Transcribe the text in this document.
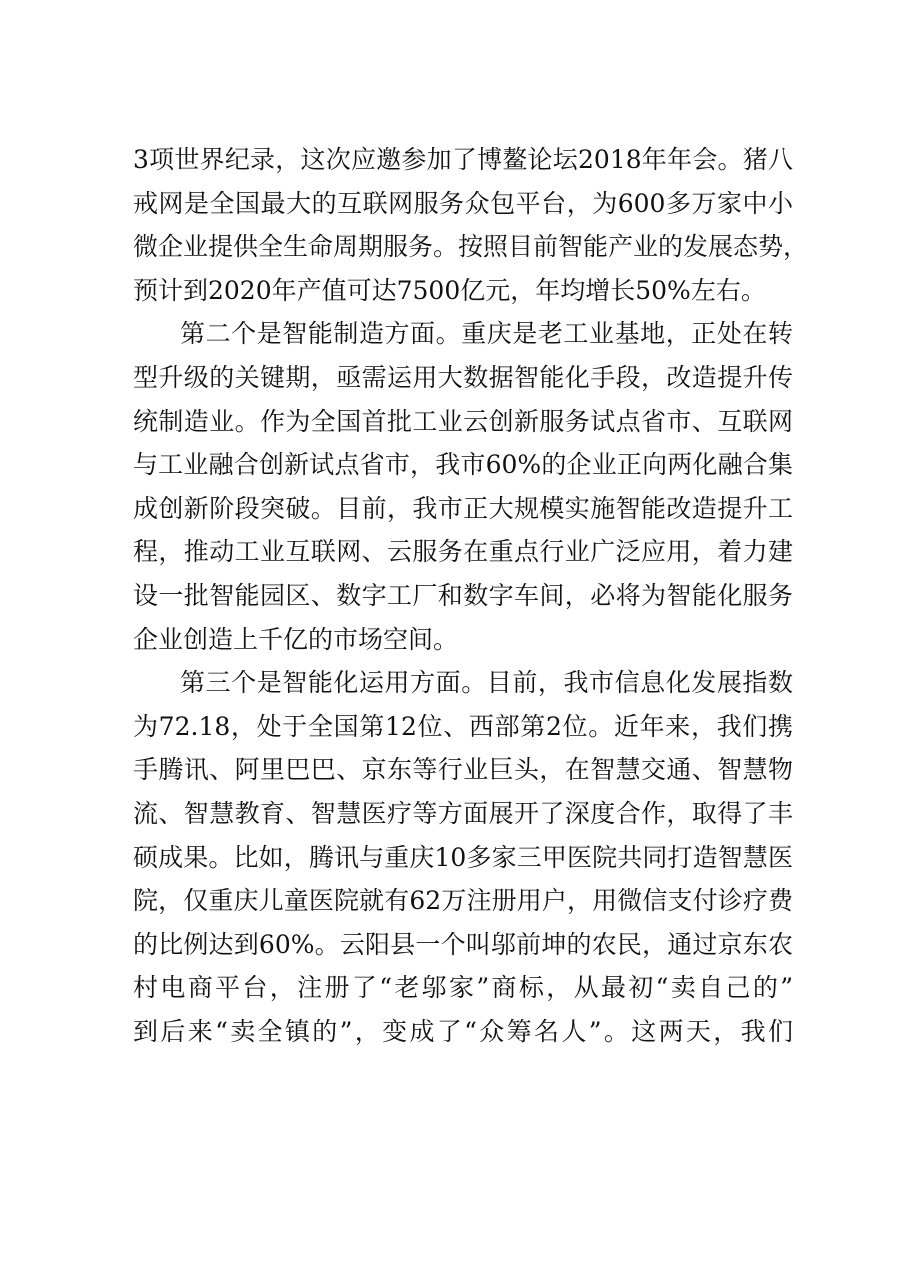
3项世界纪录，这次应邀参加了博鳌论坛2018年年会。猪八
戒网是全国最大的互联网服务众包平台，为600多万家中小
微企业提供全生命周期服务。按照目前智能产业的发展态势，
预计到2020年产值可达7500亿元，年均增长50%左右。
第二个是智能制造方面。重庆是老工业基地，正处在转
型升级的关键期，亟需运用大数据智能化手段，改造提升传
统制造业。作为全国首批工业云创新服务试点省市、互联网
与工业融合创新试点省市，我市60%的企业正向两化融合集
成创新阶段突破。目前，我市正大规模实施智能改造提升工
程，推动工业互联网、云服务在重点行业广泛应用，着力建
设一批智能园区、数字工厂和数字车间，必将为智能化服务
企业创造上千亿的市场空间。
第三个是智能化运用方面。目前，我市信息化发展指数
为72.18，处于全国第12位、西部第2位。近年来，我们携
手腾讯、阿里巴巴、京东等行业巨头，在智慧交通、智慧物
流、智慧教育、智慧医疗等方面展开了深度合作，取得了丰
硕成果。比如，腾讯与重庆10多家三甲医院共同打造智慧医
院，仅重庆儿童医院就有62万注册用户，用微信支付诊疗费
的比例达到60%。云阳县一个叫邬前坤的农民，通过京东农
村电商平台，注册了“老邬家”商标，从最初“卖自己的”
到后来“卖全镇的”，变成了“众筹名人”。这两天，我们
